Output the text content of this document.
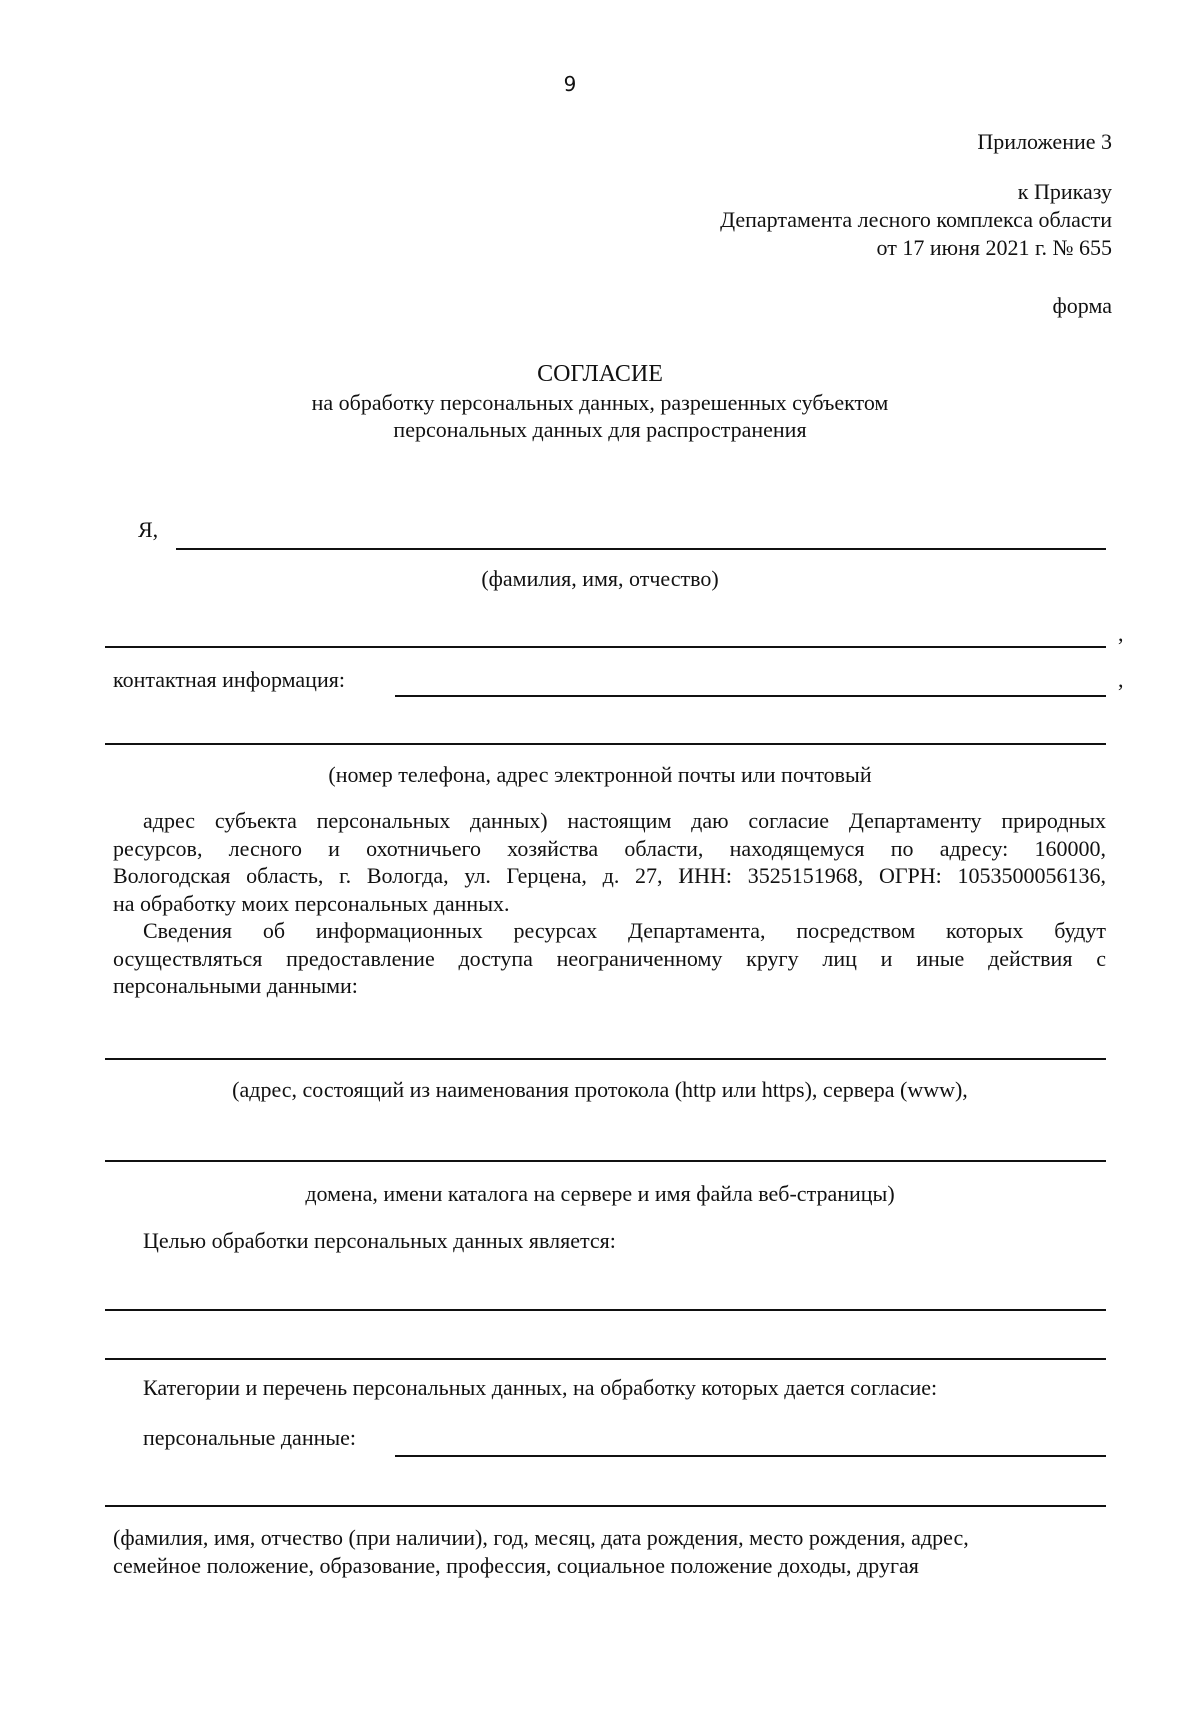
9
Приложение 3
к Приказу
Департамента лесного комплекса области
от 17 июня 2021 г. № 655
форма
СОГЛАСИЕ
на обработку персональных данных, разрешенных субъектом
персональных данных для распространения
Я,
(фамилия, имя, отчество)
,
контактная информация:	,
(номер телефона, адрес электронной почты или почтовый
адрес субъекта персональных данных) настоящим даю согласие Департаменту природных
ресурсов, лесного и охотничьего хозяйства области, находящемуся по адресу: 160000,
Вологодская область, г. Вологда, ул. Герцена, д. 27, ИНН: 3525151968, ОГРН: 1053500056136,
на обработку моих персональных данных.
Сведения об информационных ресурсах Департамента, посредством которых будут
осуществляться предоставление доступа неограниченному кругу лиц и иные действия с
персональными данными:
(адрес, состоящий из наименования протокола (http или https), сервера (www),
домена, имени каталога на сервере и имя файла веб-страницы)
Целью обработки персональных данных является:
Категории и перечень персональных данных, на обработку которых дается согласие:
персональные данные:
(фамилия, имя, отчество (при наличии), год, месяц, дата рождения, место рождения, адрес,
семейное положение, образование, профессия, социальное положение доходы, другая
